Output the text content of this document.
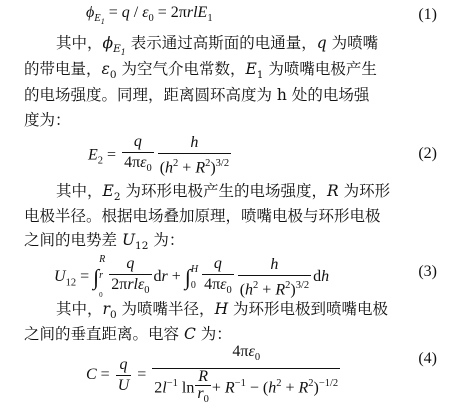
$\phi_{E_1} = q / \varepsilon_0 = 2\pi rlE_1$	(1)
其中，$\phi_{E_1}$ 表示通过高斯面的电通量，q 为喷嘴
的带电量，$\varepsilon_0$ 为空气介电常数，$E_1$ 为喷嘴电极产生
的电场强度。同理，距离圆环高度为 h 处的电场强
度为：
$E_2 = \frac{q}{4\pi\varepsilon_0} \frac{h}{(h^2 + R^2)^{3/2}}$	(2)
其中，$E_2$ 为环形电极产生的电场强度，R 为环形
电极半径。根据电场叠加原理，喷嘴电极与环形电极
之间的电势差 $U_{12}$ 为：
$U_{12}$ = ∫
R
r
$_0 \frac{q}{2\pi rl\varepsilon_0}$ dr + ∫ H
$0 \frac{q}{4\pi\varepsilon_0} \frac{h}{(h^2 + R^2)^{3/2}}$ dh	(3)
其中，$r_0$ 为喷嘴半径，H 为环形电极到喷嘴电极
之间的垂直距离。电容 C 为：
$C = \frac{q}{U} = \frac{4\pi\varepsilon_0}{2l^{-1} \ln \frac{R}{r_0} + R^{-1} - (h^2 + R^2)^{-1/2}}$	(4)
